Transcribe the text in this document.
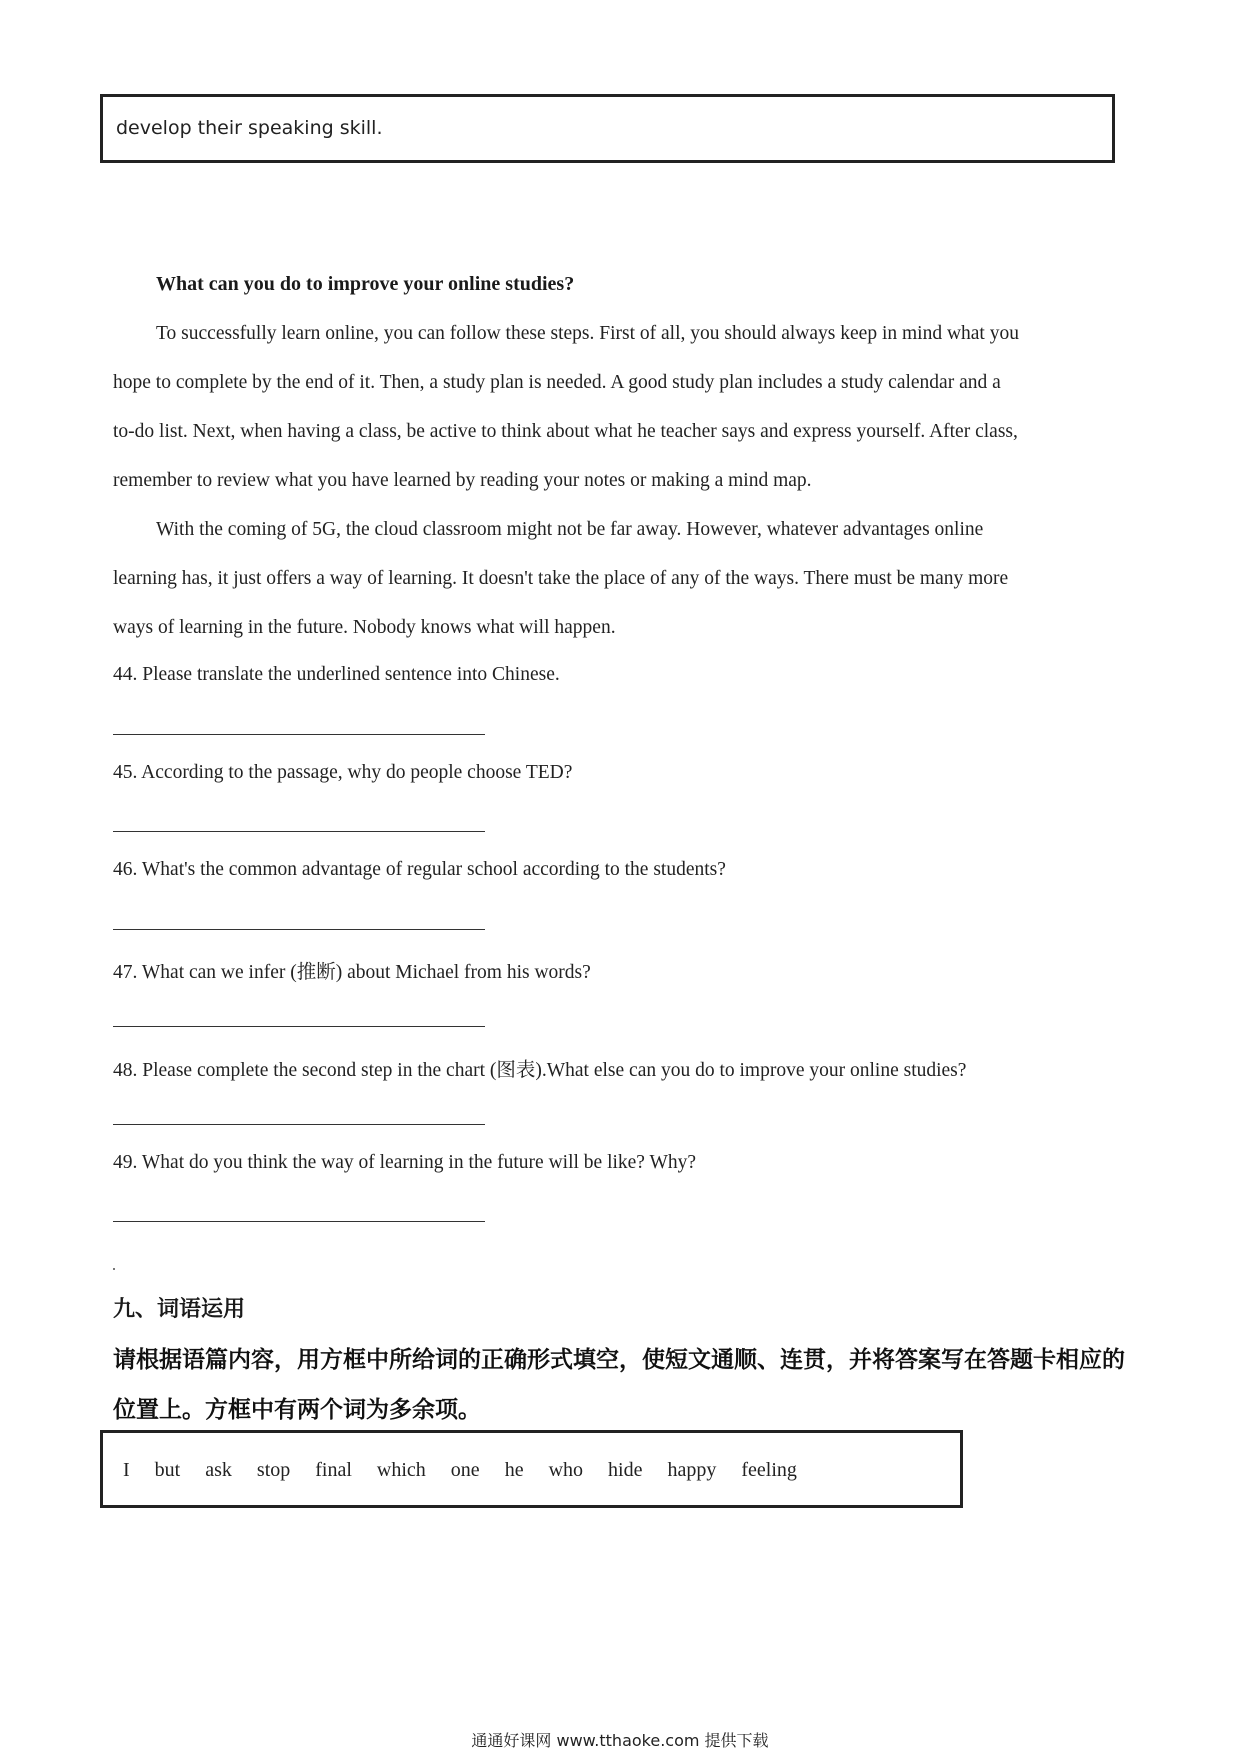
develop their speaking skill.
What can you do to improve your online studies?
To successfully learn online, you can follow these steps. First of all, you should always keep in mind what you
hope to complete by the end of it. Then, a study plan is needed. A good study plan includes a study calendar and a
to-do list. Next, when having a class, be active to think about what he teacher says and express yourself. After class,
remember to review what you have learned by reading your notes or making a mind map.
With the coming of 5G, the cloud classroom might not be far away. However, whatever advantages online
learning has, it just offers a way of learning. It doesn't take the place of any of the ways. There must be many more
ways of learning in the future. Nobody knows what will happen.
44. Please translate the underlined sentence into Chinese.
45. According to the passage, why do people choose TED?
46. What's the common advantage of regular school according to the students?
47. What can we infer (推断) about Michael from his words?
48. Please complete the second step in the chart (图表).What else can you do to improve your online studies?
49. What do you think the way of learning in the future will be like? Why?
九、词语运用
请根据语篇内容，用方框中所给词的正确形式填空，使短文通顺、连贯，并将答案写在答题卡相应的位置上。方框中有两个词为多余项。
I but ask stop final which one he who hide happy feeling
通通好课网 www.tthaoke.com 提供下载
